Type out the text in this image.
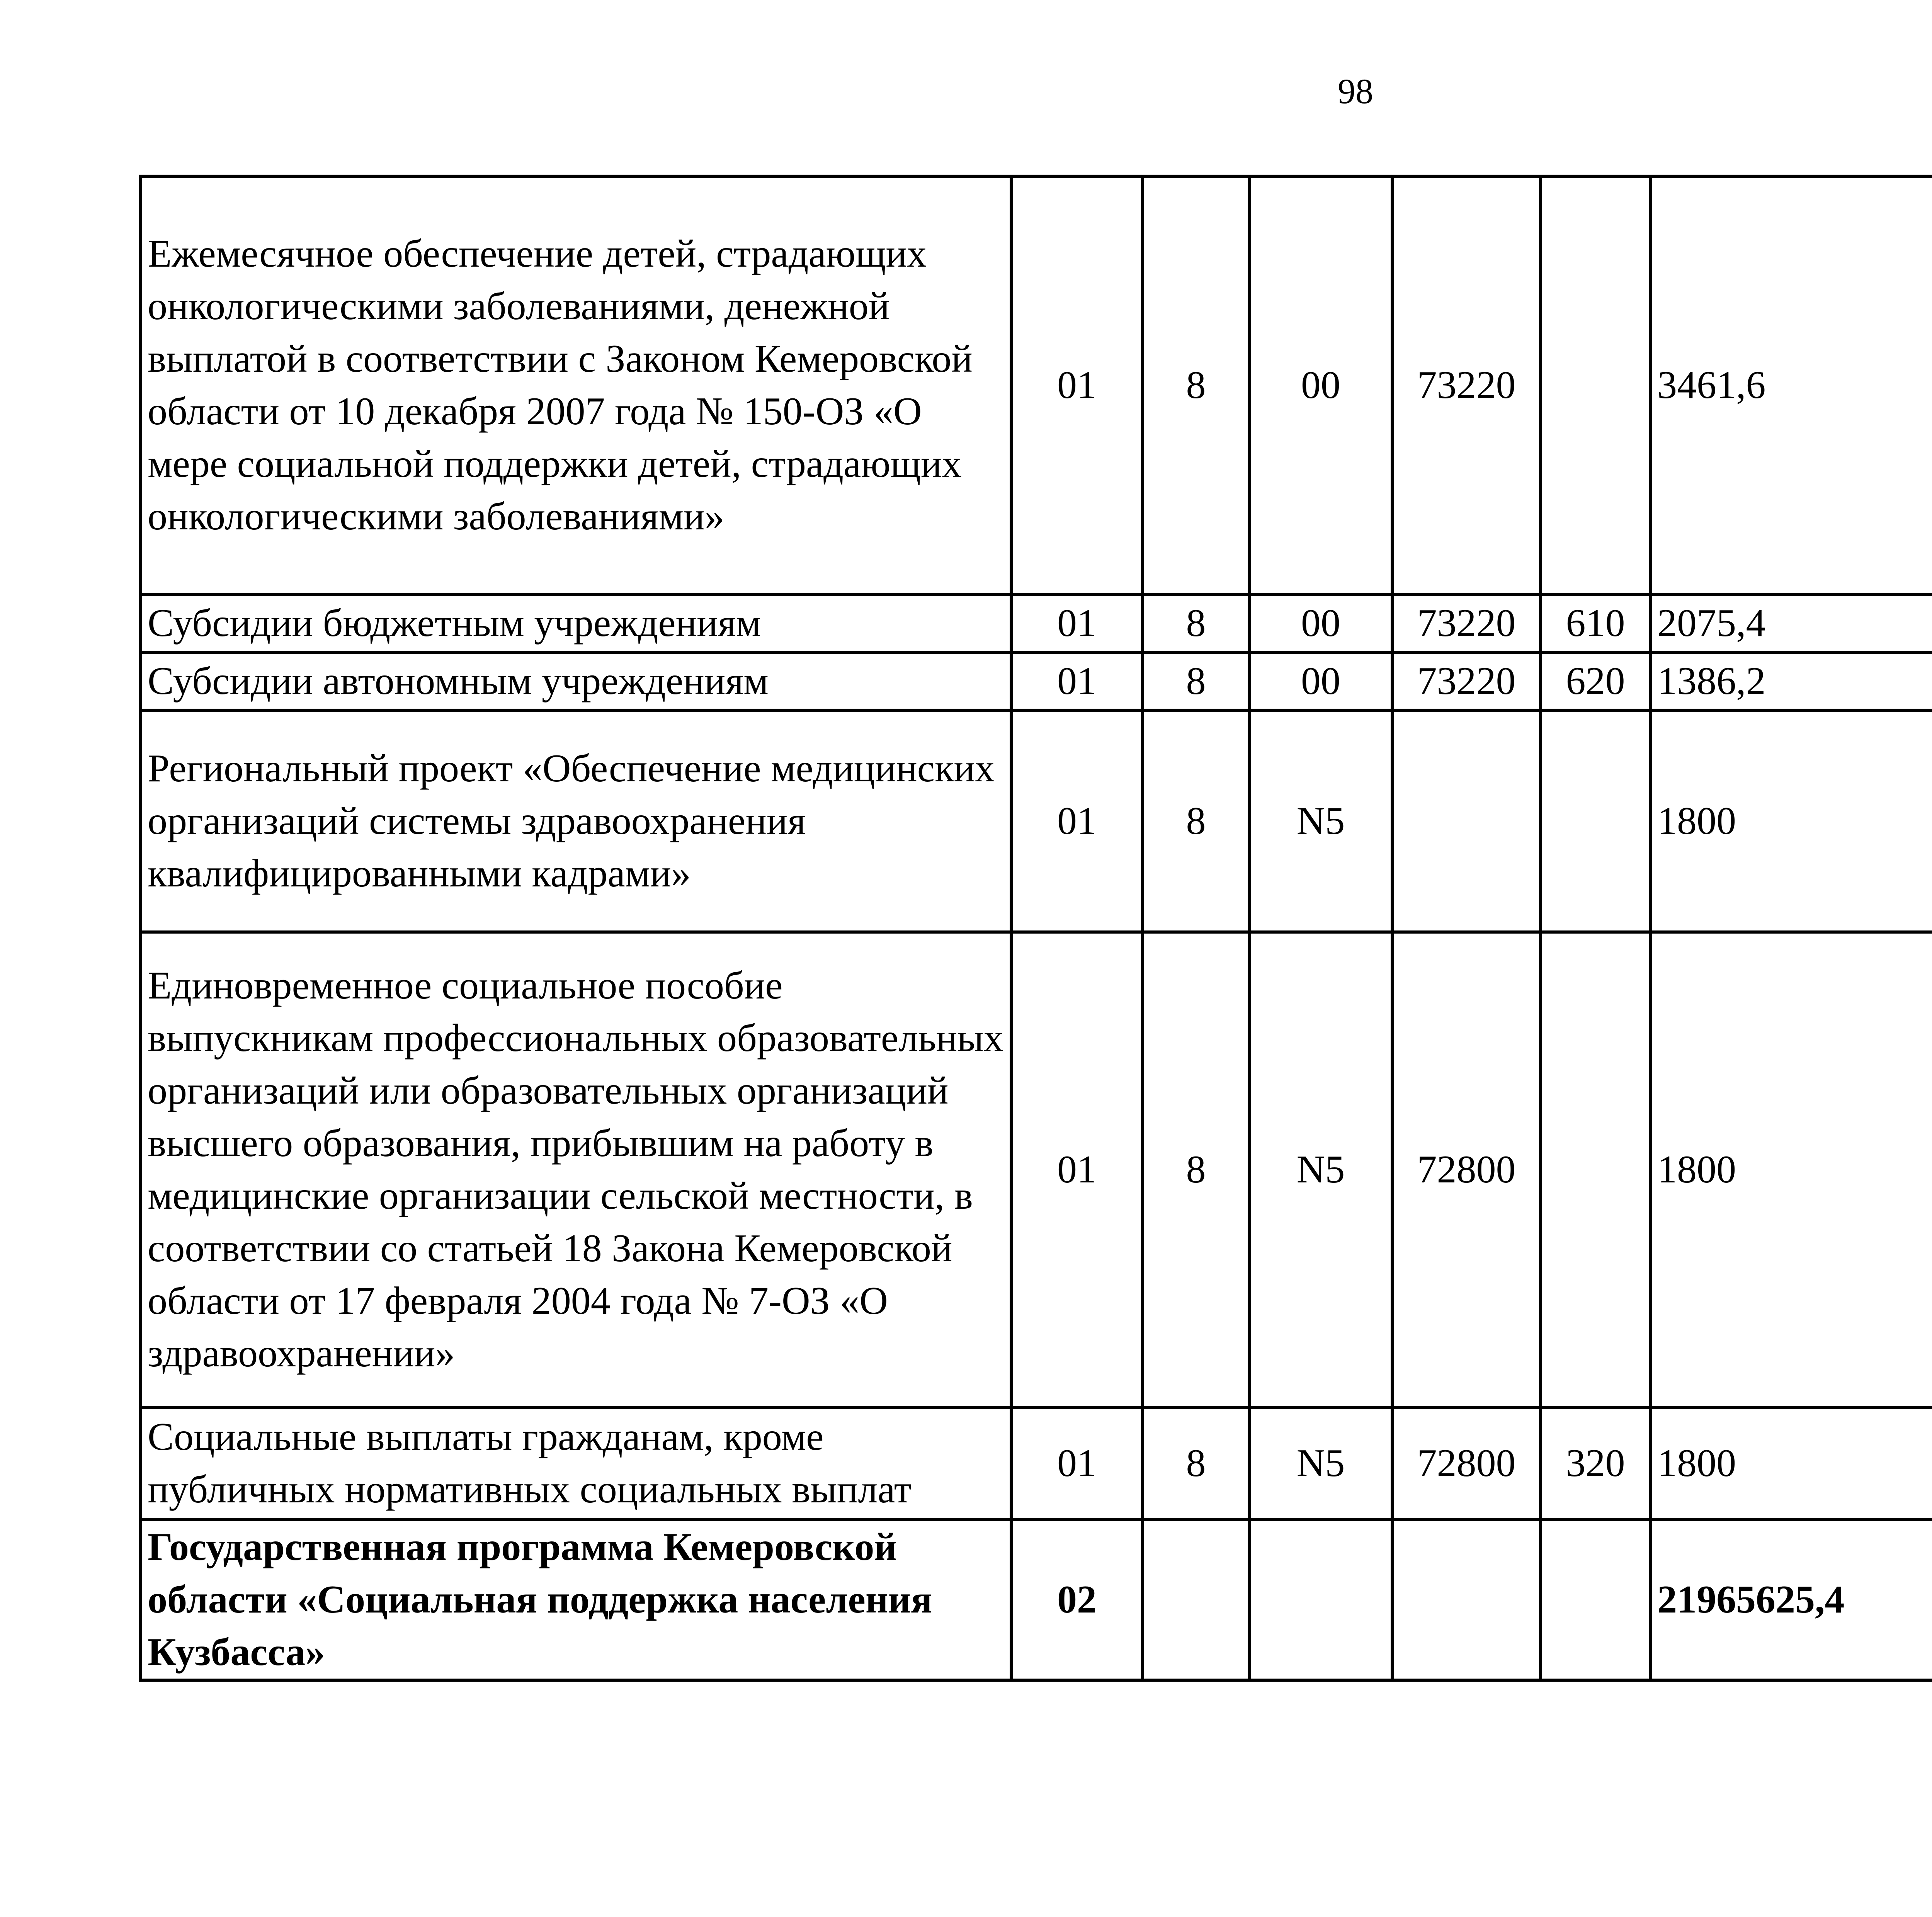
98
Ежемесячное обеспечение детей, страдающих онкологическими заболеваниями, денежной выплатой в соответствии с Законом Кемеровской области от 10 декабря 2007 года № 150-ОЗ «О мере социальной поддержки детей, страдающих онкологическими заболеваниями»	01	8	00	73220		3461,6		
Субсидии бюджетным учреждениям	01	8	00	73220	610	2075,4		
Субсидии автономным учреждениям	01	8	00	73220	620	1386,2		
Региональный проект «Обеспечение медицинских организаций системы здравоохранения квалифицированными кадрами»	01	8	N5			1800		
Единовременное социальное пособие выпускникам профессиональных образовательных организаций или образовательных организаций высшего образования, прибывшим на работу в медицинские организации сельской местности, в соответствии со статьей 18 Закона Кемеровской области от 17 февраля 2004 года № 7-ОЗ «О здравоохранении»	01	8	N5	72800		1800		
Социальные выплаты гражданам, кроме публичных нормативных социальных выплат	01	8	N5	72800	320	1800		
Государственная программа Кемеровской области «Социальная поддержка населения Кузбасса»	02					21965625,4		
